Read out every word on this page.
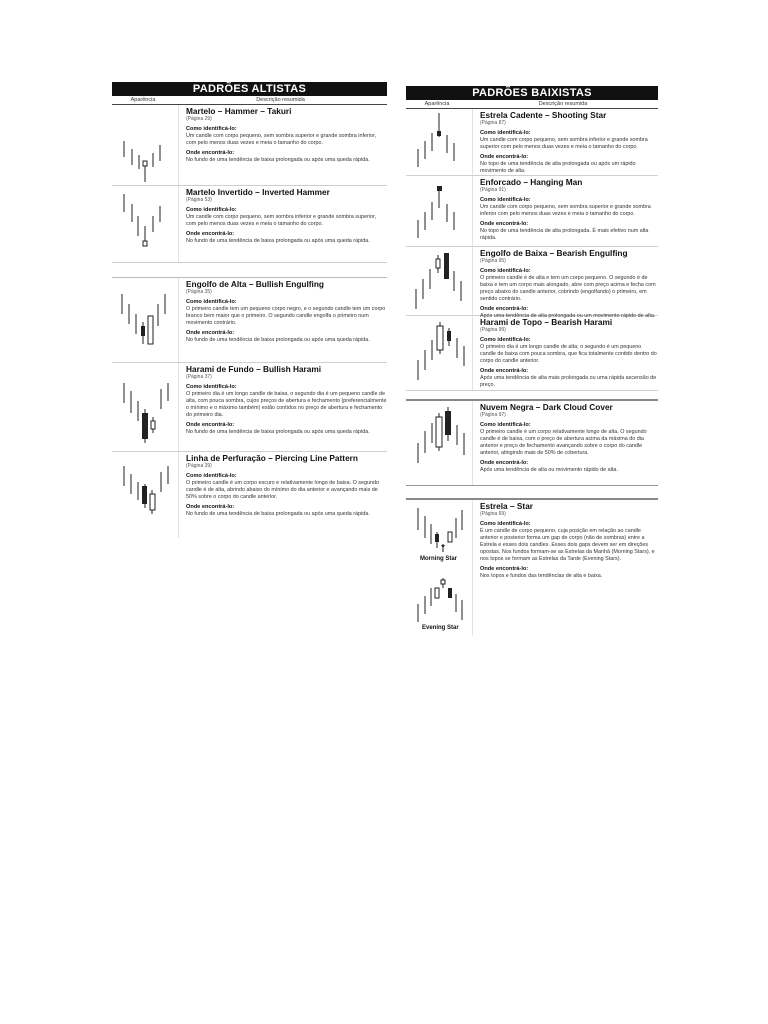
PADRÕES ALTISTAS
Aparência	Descrição resumida
Martelo – Hammer – Takuri
(Página 29)
Como identificá-lo:
Um candle com corpo pequeno, sem sombra superior e grande sombra inferior, com pelo menos duas vezes e meia o tamanho do corpo.
Onde encontrá-lo:
No fundo de uma tendência de baixa prolongada ou após uma queda rápida.
Martelo Invertido – Inverted Hammer
(Página 53)
Como identificá-lo:
Um candle com corpo pequeno, sem sombra inferior e grande sombra superior, com pelo menos duas vezes e meia o tamanho do corpo.
Onde encontrá-lo:
No fundo de uma tendência de baixa prolongada ou após uma queda rápida.
Engolfo de Alta – Bullish Engulfing
(Página 35)
Como identificá-lo:
O primeiro candle tem um pequeno corpo negro, e o segundo candle tem um corpo branco bem maior que o primeiro. O segundo candle engolfa o primeiro num movimento contrário.
Onde encontrá-lo:
No fundo de uma tendência de baixa prolongada ou após uma queda rápida.
Harami de Fundo – Bullish Harami
(Página 37)
Como identificá-lo:
O primeiro dia é um longo candle de baixa, o segundo dia é um pequeno candle de alta, com pouca sombra, cujos preços de abertura e fechamento (preferencialmente o mínimo e o máximo também) estão contidos no preço de abertura e fechamento do primeiro dia.
Onde encontrá-lo:
No fundo de uma tendência de baixa prolongada ou após uma queda rápida.
Linha de Perfuração – Piercing Line Pattern
(Página 39)
Como identificá-lo:
O primeiro candle é um corpo escuro e relativamente longo de baixa. O segundo candle é de alta, abrindo abaixo do mínimo do dia anterior e avançando mais de 50% sobre o corpo do candle anterior.
Onde encontrá-lo:
No fundo de uma tendência de baixa prolongada ou após uma queda rápida.
PADRÕES BAIXISTAS
Aparência	Descrição resumida
Estrela Cadente – Shooting Star
(Página 87)
Como identificá-lo:
Um candle com corpo pequeno, sem sombra inferior e grande sombra superior com pelo menos duas vezes e meia o tamanho do corpo.
Onde encontrá-lo:
No topo de uma tendência de alta prolongada ou após um rápido movimento de alta.
Enforcado – Hanging Man
(Página 91)
Como identificá-lo:
Um candle com corpo pequeno, sem sombra superior e grande sombra inferior com pelo menos duas vezes e meia o tamanho do corpo.
Onde encontrá-lo:
No topo de uma tendência de alta prolongada. É mais efetivo num alta rápida.
Engolfo de Baixa – Bearish Engulfing
(Página 95)
Como identificá-lo:
O primeiro candle é de alta e tem um corpo pequeno. O segundo é de baixa e tem um corpo mais alongado, abre com preço acima e fecha com preço abaixo do candle anterior, cobrindo (engolfando) o primeiro, em sentido contrário.
Onde encontrá-lo:
Após uma tendência de alta prolongada ou um movimento rápido de alta.
Harami de Topo – Bearish Harami
(Página 99)
Como identificá-lo:
O primeiro dia é um longo candle de alta; o segundo é um pequeno candle de baixa com pouca sombra, que fica totalmente contido dentro do corpo do candle anterior.
Onde encontrá-lo:
Após uma tendência de alta mais prolongada ou uma rápida ascensão de preço.
Nuvem Negra – Dark Cloud Cover
(Página 97)
Como identificá-lo:
O primeiro candle é um corpo relativamente longo de alta. O segundo candle é de baixa, com o preço de abertura acima da máxima do dia anterior e preço de fechamento avançando sobre o corpo do candle anterior, atingindo mais de 50% de cobertura.
Onde encontrá-lo:
Após uma tendência de alta ou movimento rápido de alta.
Morning Star
Evening Star
Estrela – Star
(Página 69)
Como identificá-lo:
É um candle de corpo pequeno, cuja posição em relação ao candle anterior e posterior forma um gap de corpo (não de sombras) entre a Estrela e esses dois candles. Esses dois gaps devem ser em direções opostas. Nos fundos formam-se as Estrelas da Manhã (Morning Stars), e nos topos se formam as Estrelas da Tarde (Evening Stars).
Onde encontrá-lo:
Nos topos e fundos das tendências de alta e baixa.
